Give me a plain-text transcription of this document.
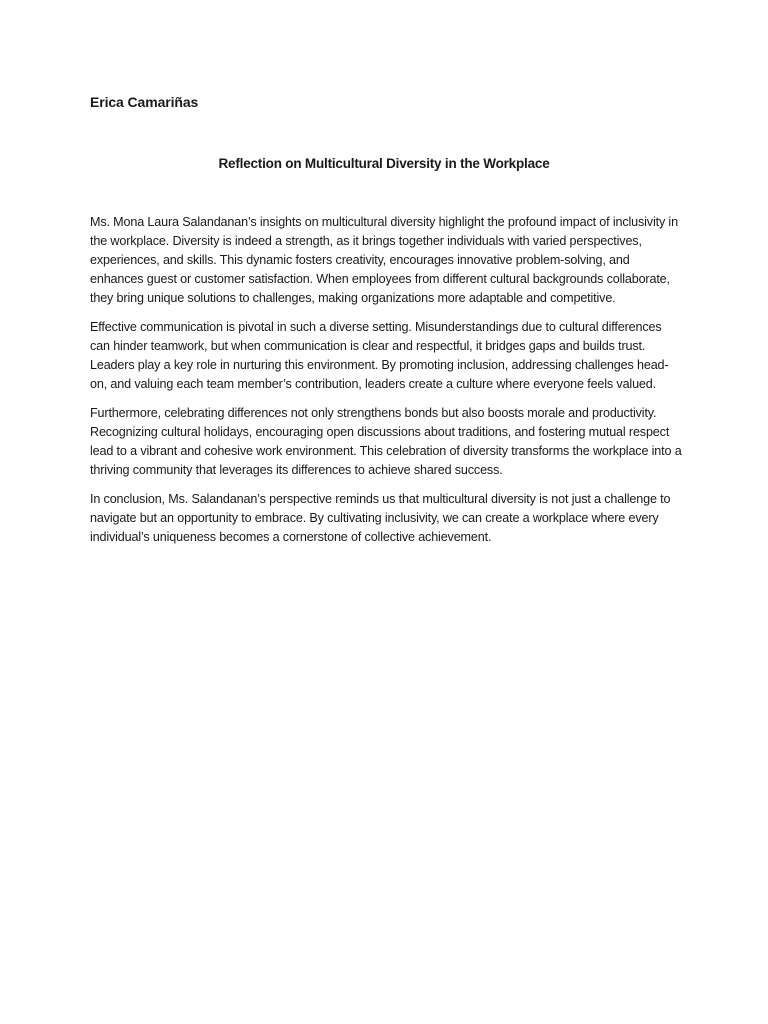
Erica Camariñas

Reflection on Multicultural Diversity in the Workplace

Ms. Mona Laura Salandanan’s insights on multicultural diversity highlight the profound impact of inclusivity in the workplace. Diversity is indeed a strength, as it brings together individuals with varied perspectives, experiences, and skills. This dynamic fosters creativity, encourages innovative problem-solving, and enhances guest or customer satisfaction. When employees from different cultural backgrounds collaborate, they bring unique solutions to challenges, making organizations more adaptable and competitive.

Effective communication is pivotal in such a diverse setting. Misunderstandings due to cultural differences can hinder teamwork, but when communication is clear and respectful, it bridges gaps and builds trust. Leaders play a key role in nurturing this environment. By promoting inclusion, addressing challenges head-on, and valuing each team member’s contribution, leaders create a culture where everyone feels valued.

Furthermore, celebrating differences not only strengthens bonds but also boosts morale and productivity. Recognizing cultural holidays, encouraging open discussions about traditions, and fostering mutual respect lead to a vibrant and cohesive work environment. This celebration of diversity transforms the workplace into a thriving community that leverages its differences to achieve shared success.

In conclusion, Ms. Salandanan’s perspective reminds us that multicultural diversity is not just a challenge to navigate but an opportunity to embrace. By cultivating inclusivity, we can create a workplace where every individual’s uniqueness becomes a cornerstone of collective achievement.
